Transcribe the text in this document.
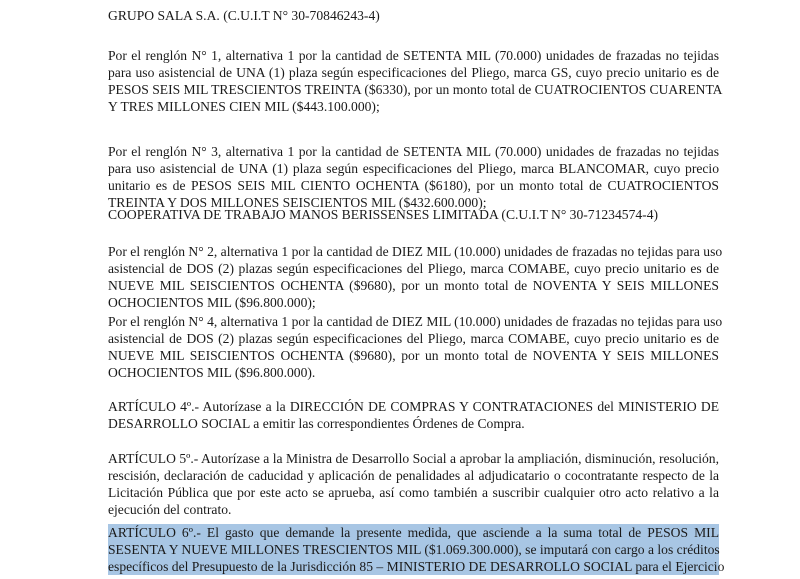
GRUPO SALA S.A. (C.U.I.T N° 30-70846243-4)
Por el renglón N° 1, alternativa 1 por la cantidad de SETENTA MIL (70.000) unidades de frazadas no tejidas
para uso asistencial de UNA (1) plaza según especificaciones del Pliego, marca GS, cuyo precio unitario es de
PESOS SEIS MIL TRESCIENTOS TREINTA ($6330), por un monto total de CUATROCIENTOS CUARENTA
Y TRES MILLONES CIEN MIL ($443.100.000);
Por el renglón N° 3, alternativa 1 por la cantidad de SETENTA MIL (70.000) unidades de frazadas no tejidas
para uso asistencial de UNA (1) plaza según especificaciones del Pliego, marca BLANCOMAR, cuyo precio
unitario es de PESOS SEIS MIL CIENTO OCHENTA ($6180), por un monto total de CUATROCIENTOS
TREINTA Y DOS MILLONES SEISCIENTOS MIL ($432.600.000);
COOPERATIVA DE TRABAJO MANOS BERISSENSES LIMITADA (C.U.I.T N° 30-71234574-4)
Por el renglón N° 2, alternativa 1 por la cantidad de DIEZ MIL (10.000) unidades de frazadas no tejidas para uso
asistencial de DOS (2) plazas según especificaciones del Pliego, marca COMABE, cuyo precio unitario es de
NUEVE MIL SEISCIENTOS OCHENTA ($9680), por un monto total de NOVENTA Y SEIS MILLONES
OCHOCIENTOS MIL ($96.800.000);
Por el renglón N° 4, alternativa 1 por la cantidad de DIEZ MIL (10.000) unidades de frazadas no tejidas para uso
asistencial de DOS (2) plazas según especificaciones del Pliego, marca COMABE, cuyo precio unitario es de
NUEVE MIL SEISCIENTOS OCHENTA ($9680), por un monto total de NOVENTA Y SEIS MILLONES
OCHOCIENTOS MIL ($96.800.000).
ARTÍCULO 4º.- Autorízase a la DIRECCIÓN DE COMPRAS Y CONTRATACIONES del MINISTERIO DE
DESARROLLO SOCIAL a emitir las correspondientes Órdenes de Compra.
ARTÍCULO 5º.- Autorízase a la Ministra de Desarrollo Social a aprobar la ampliación, disminución, resolución,
rescisión, declaración de caducidad y aplicación de penalidades al adjudicatario o cocontratante respecto de la
Licitación Pública que por este acto se aprueba, así como también a suscribir cualquier otro acto relativo a la
ejecución del contrato.
ARTÍCULO 6º.- El gasto que demande la presente medida, que asciende a la suma total de PESOS MIL
SESENTA Y NUEVE MILLONES TRESCIENTOS MIL ($1.069.300.000), se imputará con cargo a los créditos
específicos del Presupuesto de la Jurisdicción 85 – MINISTERIO DE DESARROLLO SOCIAL para el Ejercicio
